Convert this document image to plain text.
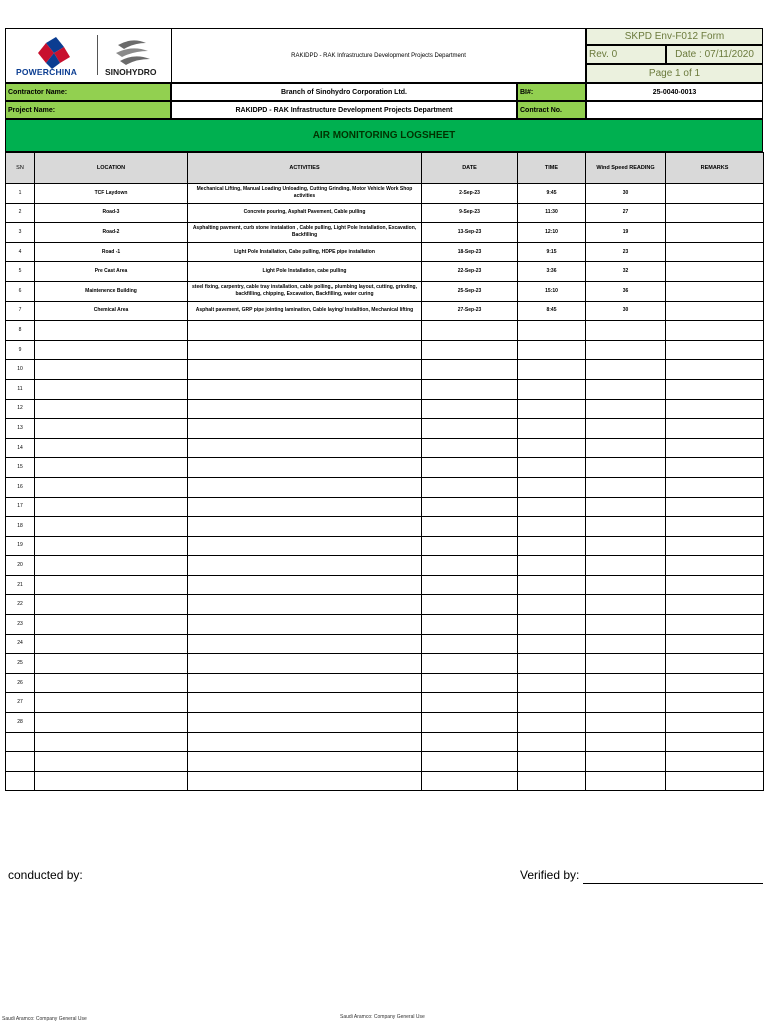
POWERCHINA	SINOHYDRO
RAKIDPD - RAK Infrastructure Development Projects Department
SKPD Env-F012 Form
Rev. 0	Date : 07/11/2020
Page 1 of 1
Contractor Name:	Branch of Sinohydro Corporation Ltd.	BI#:	25-0040-0013
Project Name:	RAKIDPD - RAK Infrastructure Development Projects Department	Contract No.
AIR MONITORING LOGSHEET
SN	LOCATION	ACTIVITIES	DATE	TIME	Wind Speed READING	REMARKS
1	TCF Laydown	Mechanical Lifting, Manual Loading Unloading, Cutting Grinding, Motor Vehicle Work Shop activities	2-Sep-23	9:45	30	
2	Road-3	Concrete pouring, Asphalt Pavement, Cable pulling	9-Sep-23	11:30	27	
3	Road-2	Asphalting pavment, curb stone instalation , Cable pulling, Light Pole Installation, Excavation, Backfilling	13-Sep-23	12:10	19	
4	Road -1	Light Pole Installation, Cabe pulling, HDPE pipe installation	18-Sep-23	9:15	23	
5	Pre Cast Area	Light Pole Installation, cabe pulling	22-Sep-23	3:36	32	
6	Maintenence Building	steel fixing, carpentry, cable tray installation, cable polling,, plumbing layout, cutting, grinding, backfilling, chipping, Excavation, Backfilling, water curing	25-Sep-23	15:10	36	
7	Chemical Area	Asphalt pavement, GRP pipe jointing lamination, Cable laying/ Installtion, Mechanical lifting	27-Sep-23	8:45	30	
8						
9						
10						
11						
12						
13						
14						
15						
16						
17						
18						
19						
20						
21						
22						
23						
24						
25						
26						
27						
28						

conducted by:	Verified by:
Saudi Aramco: Company General Use	Saudi Aramco: Company General Use
